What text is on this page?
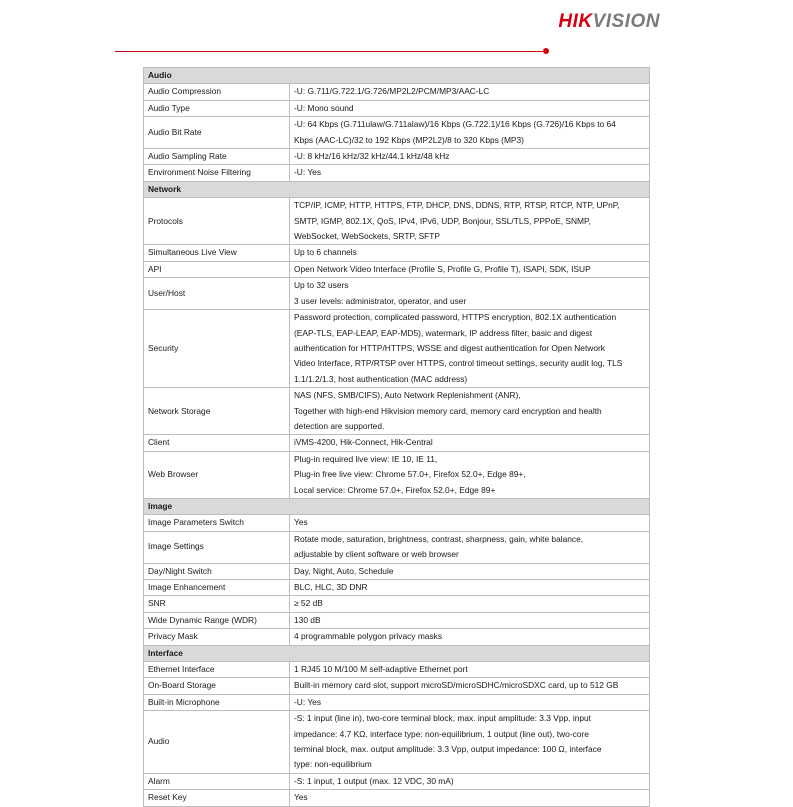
HIKVISION
Audio	
Audio Compression	-U: G.711/G.722.1/G.726/MP2L2/PCM/MP3/AAC-LC

Audio Type	-U: Mono sound

Audio Bit Rate	-U: 64 Kbps (G.711ulaw/G.711alaw)/16 Kbps (G.722.1)/16 Kbps (G.726)/16 Kbps to 64
Kbps (AAC-LC)/32 to 192 Kbps (MP2L2)/8 to 320 Kbps (MP3)

Audio Sampling Rate	-U: 8 kHz/16 kHz/32 kHz/44.1 kHz/48 kHz

Environment Noise Filtering	-U: Yes

Network	
Protocols	TCP/IP, ICMP, HTTP, HTTPS, FTP, DHCP, DNS, DDNS, RTP, RTSP, RTCP, NTP, UPnP,
SMTP, IGMP, 802.1X, QoS, IPv4, IPv6, UDP, Bonjour, SSL/TLS, PPPoE, SNMP,
WebSocket, WebSockets, SRTP, SFTP

Simultaneous Live View	Up to 6 channels

API	Open Network Video Interface (Profile S, Profile G, Profile T), ISAPI, SDK, ISUP

User/Host	Up to 32 users
3 user levels: administrator, operator, and user

Security	Password protection, complicated password, HTTPS encryption, 802.1X authentication
(EAP-TLS, EAP-LEAP, EAP-MD5), watermark, IP address filter, basic and digest
authentication for HTTP/HTTPS, WSSE and digest authentication for Open Network
Video Interface, RTP/RTSP over HTTPS, control timeout settings, security audit log, TLS
1.1/1.2/1.3, host authentication (MAC address)

Network Storage	NAS (NFS, SMB/CIFS), Auto Network Replenishment (ANR),
Together with high-end Hikvision memory card, memory card encryption and health
detection are supported.

Client	iVMS-4200, Hik-Connect, Hik-Central

Web Browser	Plug-in required live view: IE 10, IE 11,
Plug-in free live view: Chrome 57.0+, Firefox 52.0+, Edge 89+,
Local service: Chrome 57.0+, Firefox 52.0+, Edge 89+

Image	
Image Parameters Switch	Yes

Image Settings	Rotate mode, saturation, brightness, contrast, sharpness, gain, white balance,
adjustable by client software or web browser

Day/Night Switch	Day, Night, Auto, Schedule

Image Enhancement	BLC, HLC, 3D DNR

SNR	≥ 52 dB

Wide Dynamic Range (WDR)	130 dB

Privacy Mask	4 programmable polygon privacy masks

Interface	
Ethernet Interface	1 RJ45 10 M/100 M self-adaptive Ethernet port

On-Board Storage	Built-in memory card slot, support microSD/microSDHC/microSDXC card, up to 512 GB

Built-in Microphone	-U: Yes

Audio	-S: 1 input (line in), two-core terminal block, max. input amplitude: 3.3 Vpp, input
impedance: 4.7 KΩ, interface type: non-equilibrium, 1 output (line out), two-core
terminal block, max. output amplitude: 3.3 Vpp, output impedance: 100 Ω, interface
type: non-equilibrium

Alarm	-S: 1 input, 1 output (max. 12 VDC, 30 mA)

Reset Key	Yes
